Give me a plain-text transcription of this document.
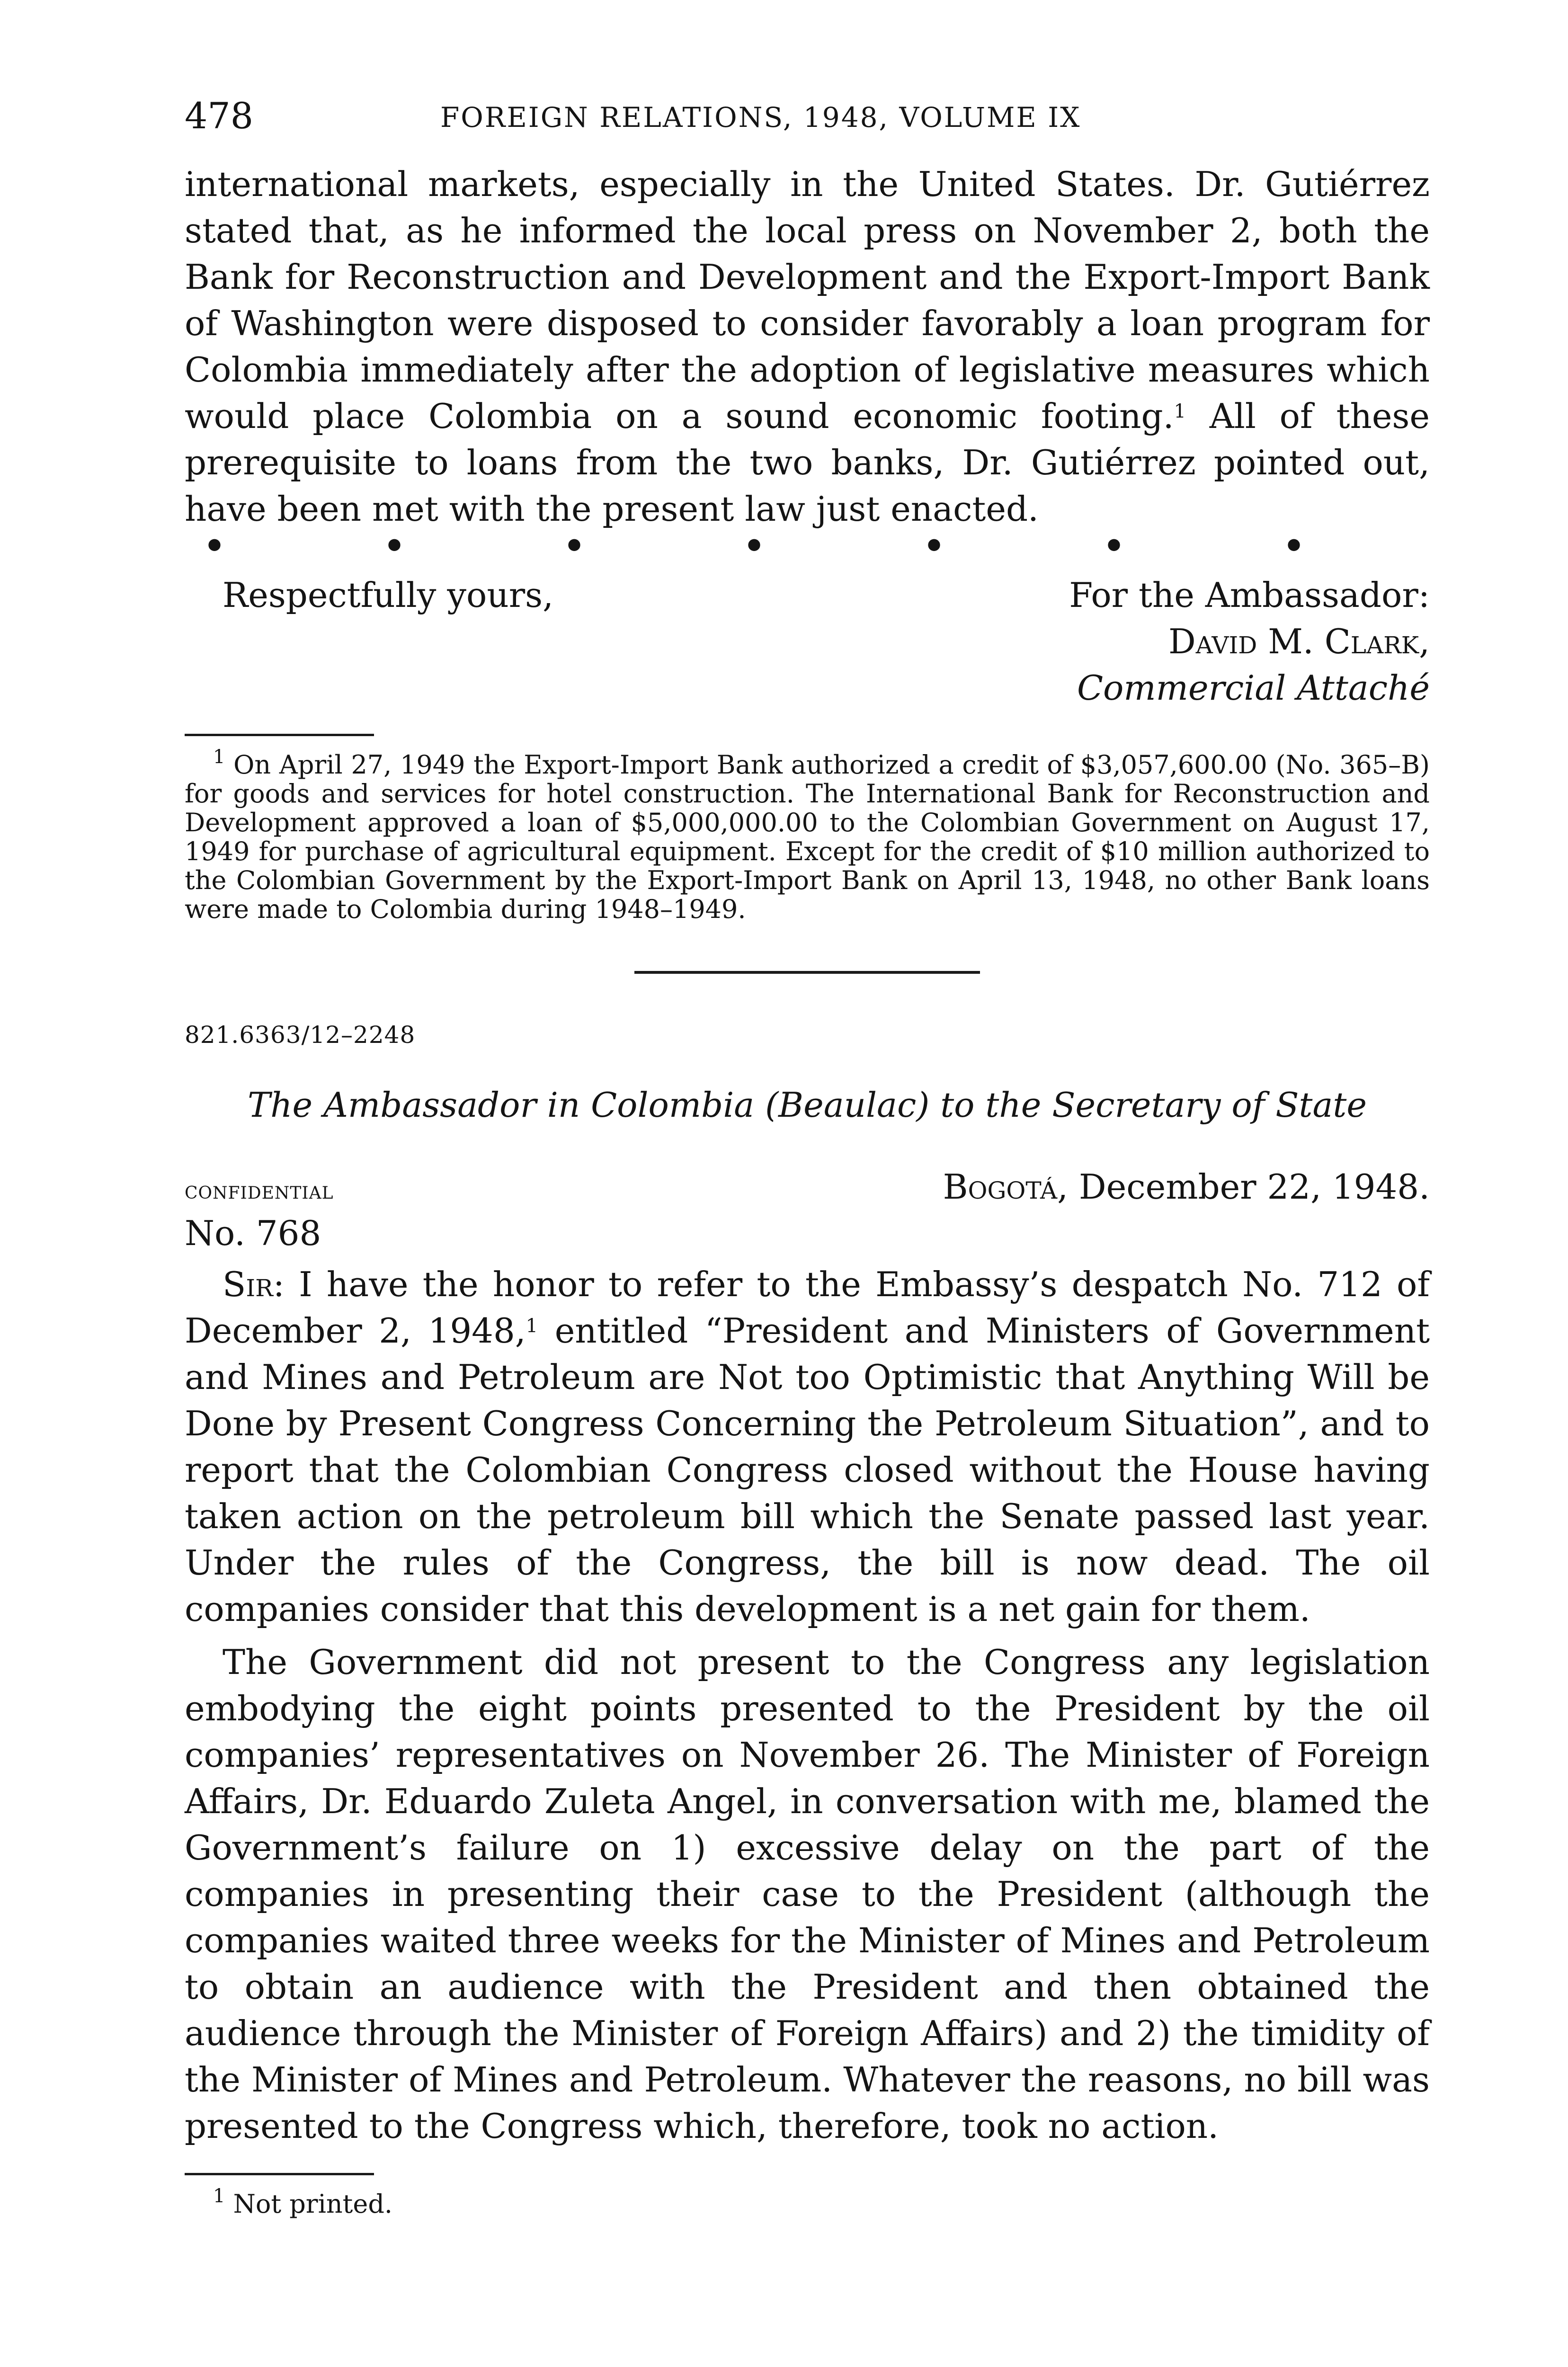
478	FOREIGN RELATIONS, 1948, VOLUME IX

international markets, especially in the United States. Dr. Gutiérrez stated that, as he informed the local press on November 2, both the Bank for Reconstruction and Development and the Export-Import Bank of Washington were disposed to consider favorably a loan program for Colombia immediately after the adoption of legislative measures which would place Colombia on a sound economic footing.$^1$ All of these prerequisite to loans from the two banks, Dr. Gutiérrez pointed out, have been met with the present law just enacted.

•	•	•	•	•	•	•
Respectfully yours,	For the Ambassador:
David M. Clark,
Commercial Attaché

$^1$ On April 27, 1949 the Export-Import Bank authorized a credit of $3,057,600.00 (No. 365–B) for goods and services for hotel construction. The International Bank for Reconstruction and Development approved a loan of $5,000,000.00 to the Colombian Government on August 17, 1949 for purchase of agricultural equipment. Except for the credit of $10 million authorized to the Colombian Government by the Export-Import Bank on April 13, 1948, no other Bank loans were made to Colombia during 1948–1949.

821.6363/12–2248
The Ambassador in Colombia (Beaulac) to the Secretary of State
confidential	Bogotá, December 22, 1948.
No. 768

Sir: I have the honor to refer to the Embassy’s despatch No. 712 of December 2, 1948,$^1$ entitled “President and Ministers of Government and Mines and Petroleum are Not too Optimistic that Anything Will be Done by Present Congress Concerning the Petroleum Situation”, and to report that the Colombian Congress closed without the House having taken action on the petroleum bill which the Senate passed last year. Under the rules of the Congress, the bill is now dead. The oil companies consider that this development is a net gain for them.

The Government did not present to the Congress any legislation embodying the eight points presented to the President by the oil companies’ representatives on November 26. The Minister of Foreign Affairs, Dr. Eduardo Zuleta Angel, in conversation with me, blamed the Government’s failure on 1) excessive delay on the part of the companies in presenting their case to the President (although the companies waited three weeks for the Minister of Mines and Petroleum to obtain an audience with the President and then obtained the audience through the Minister of Foreign Affairs) and 2) the timidity of the Minister of Mines and Petroleum. Whatever the reasons, no bill was presented to the Congress which, therefore, took no action.

$^1$ Not printed.
